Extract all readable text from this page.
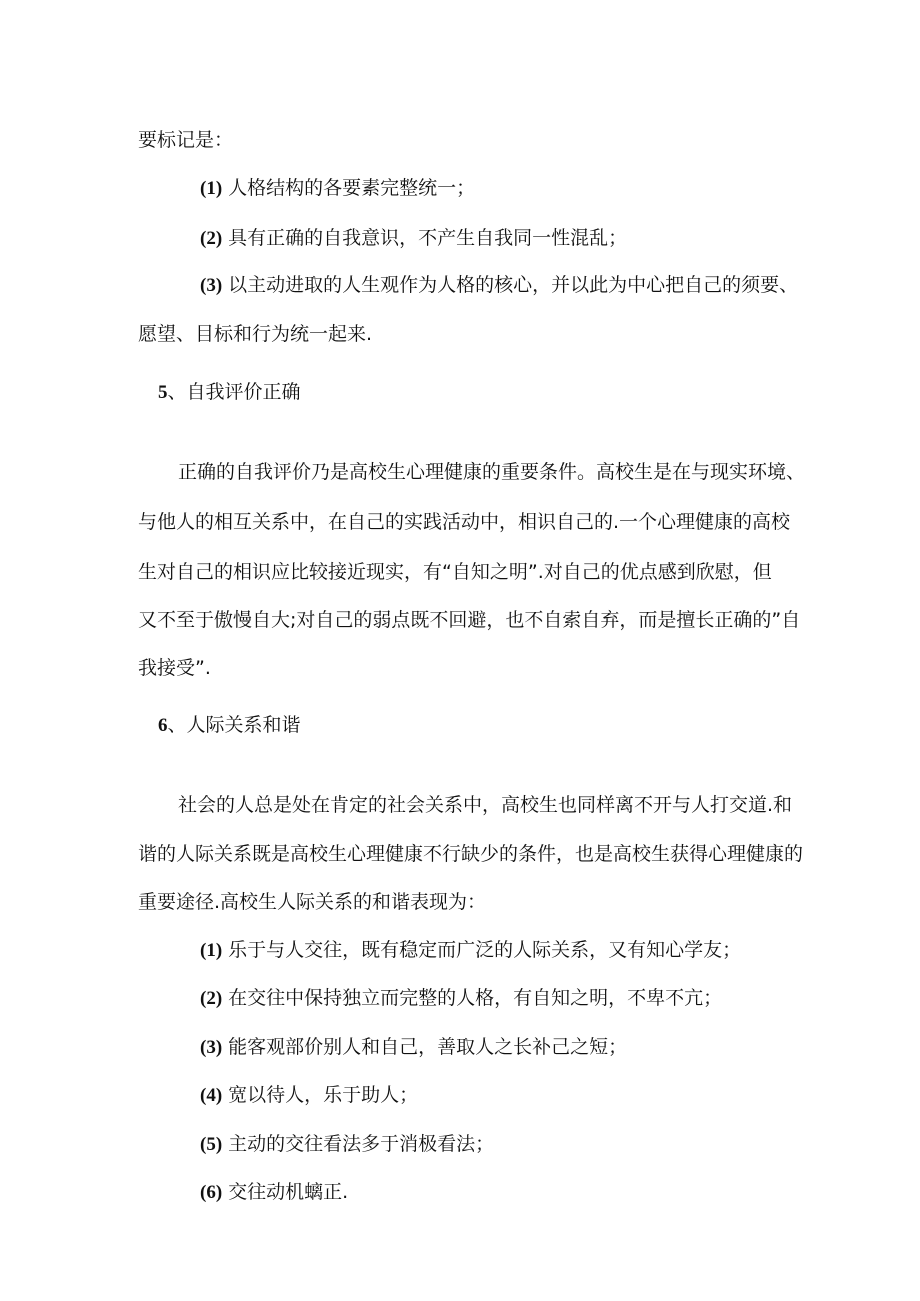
要标记是：
(1) 人格结构的各要素完整统一；
(2) 具有正确的自我意识，不产生自我同一性混乱；
(3) 以主动进取的人生观作为人格的核心，并以此为中心把自己的须要、
愿望、目标和行为统一起来.
5、自我评价正确
正确的自我评价乃是高校生心理健康的重要条件。高校生是在与现实环境、
与他人的相互关系中，在自己的实践活动中，相识自己的.一个心理健康的高校
生对自己的相识应比较接近现实，有“自知之明”.对自己的优点感到欣慰，但
又不至于傲慢自大;对自己的弱点既不回避，也不自索自弃，而是擅长正确的”自
我接受”.
6、人际关系和谐
社会的人总是处在肯定的社会关系中，高校生也同样离不开与人打交道.和
谐的人际关系既是高校生心理健康不行缺少的条件，也是高校生获得心理健康的
重要途径.高校生人际关系的和谐表现为：
(1) 乐于与人交往，既有稳定而广泛的人际关系，又有知心学友；
(2) 在交往中保持独立而完整的人格，有自知之明，不卑不亢；
(3) 能客观部价别人和自己，善取人之长补己之短；
(4) 宽以待人，乐于助人；
(5) 主动的交往看法多于消极看法；
(6) 交往动机螭正.
